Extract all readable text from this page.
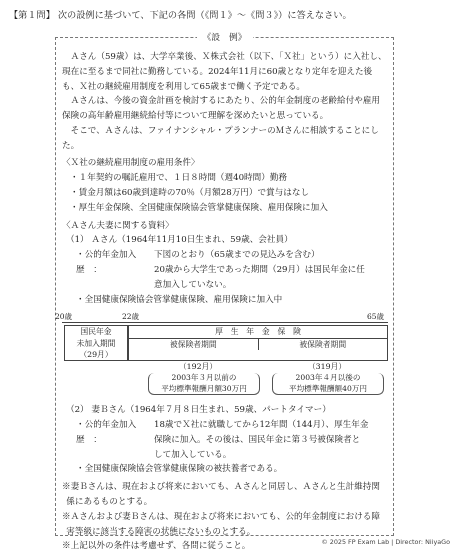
【第１問】 次の設例に基づいて、下記の各問（《問１》～《問３》）に答えなさい。
《設　例》

Ａさん（59歳）は、大学卒業後、Ｘ株式会社（以下、「Ｘ社」という）に入社し、現在に至るまで同社に勤務している。2024年11月に60歳となり定年を迎えた後も、Ｘ社の継続雇用制度を利用して65歳まで働く予定である。

Ａさんは、今後の資金計画を検討するにあたり、公的年金制度の老齢給付や雇用保険の高年齢雇用継続給付等について理解を深めたいと思っている。

そこで、Ａさんは、ファイナンシャル・プランナーのＭさんに相談することにした。

〈Ｘ社の継続雇用制度の雇用条件〉

・１年契約の嘱託雇用で、１日８時間（週40時間）勤務

・賃金月額は60歳到達時の70％（月額28万円）で賞与はなし

・厚生年金保険、全国健康保険協会管掌健康保険、雇用保険に加入

〈Ａさん夫妻に関する資料〉

（1） Ａさん（1964年11月10日生まれ、59歳、会社員）

・公的年金加入歴　：

下図のとおり（65歳までの見込みを含む）

20歳から大学生であった期間（29月）は国民年金に任

意加入していない。

・全国健康保険協会管掌健康保険、雇用保険に加入中

20歳	22歳	65歳
国民年金
未加入期間
（29月）
厚　生　年　金　保　険
被保険者期間	被保険者期間
（192月）	（319月）
2003年３月以前の
平均標準報酬月額30万円
2003年４月以後の
平均標準報酬額40万円

（2） 妻Ｂさん（1964年７月８日生まれ、59歳、パートタイマー）

・公的年金加入歴　：

18歳でＸ社に就職してから12年間（144月）、厚生年金

保険に加入。その後は、国民年金に第３号被保険者と

して加入している。

・全国健康保険協会管掌健康保険の被扶養者である。

※妻Ｂさんは、現在および将来においても、Ａさんと同居し、Ａさんと生計維持関係にあるものとする。

※Ａさんおよび妻Ｂさんは、現在および将来においても、公的年金制度における障害等級に該当する障害の状態にないものとする。

※上記以外の条件は考慮せず、各問に従うこと。	© 2025 FP Exam Lab | Director: NiiyaGo
